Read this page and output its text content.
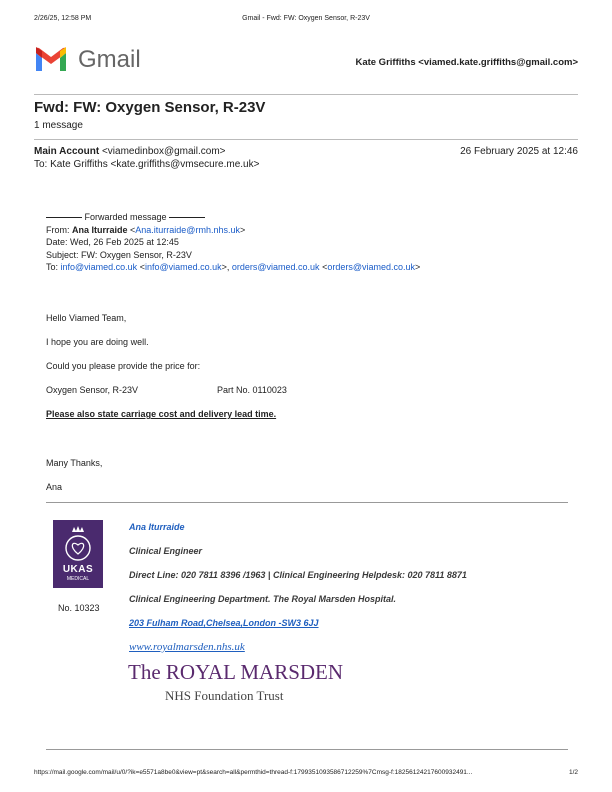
2/26/25, 12:58 PM	Gmail - Fwd: FW: Oxygen Sensor, R-23V
Gmail	Kate Griffiths <viamed.kate.griffiths@gmail.com>
Fwd: FW: Oxygen Sensor, R-23V
1 message
Main Account <viamedinbox@gmail.com>	26 February 2025 at 12:46
To: Kate Griffiths <kate.griffiths@vmsecure.me.uk>
Forwarded message
From: Ana Iturraide <Ana.iturraide@rmh.nhs.uk>
Date: Wed, 26 Feb 2025 at 12:45
Subject: FW: Oxygen Sensor, R-23V
To: info@viamed.co.uk <info@viamed.co.uk>, orders@viamed.co.uk <orders@viamed.co.uk>
Hello Viamed Team,
I hope you are doing well.
Could you please provide the price for:
Oxygen Sensor, R-23V	Part No. 0110023
Please also state carriage cost and delivery lead time.
Many Thanks,
Ana
UKAS
MEDICAL
No. 10323
Ana Iturraide
Clinical Engineer
Direct Line: 020 7811 8396 /1963 | Clinical Engineering Helpdesk: 020 7811 8871
Clinical Engineering Department. The Royal Marsden Hospital.
203 Fulham Road,Chelsea,London -SW3 6JJ
www.royalmarsden.nhs.uk
The ROYAL MARSDEN
NHS Foundation Trust
https://mail.google.com/mail/u/0/?ik=e5571a8be0&view=pt&search=all&permthid=thread-f:1799351093586712259%7Cmsg-f:18256124217600932491...	1/2
